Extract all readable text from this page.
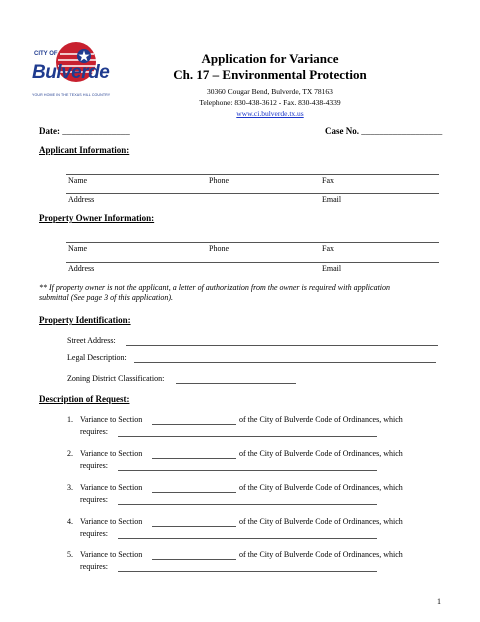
CITY OF
Bulverde
YOUR HOME IN THE TEXAS HILL COUNTRY
Application for Variance
Ch. 17 – Environmental Protection
30360 Cougar Bend, Bulverde, TX 78163
Telephone: 830-438-3612 - Fax. 830-438-4339
www.ci.bulverde.tx.us
Date: _______________	Case No. __________________
Applicant Information:
Name	Phone	Fax
Address	Email
Property Owner Information:
Name	Phone	Fax
Address	Email
** If property owner is not the applicant, a letter of authorization from the owner is required with application
submittal (See page 3 of this application).
Property Identification:
Street Address:
Legal Description:
Zoning District Classification:
Description of Request:
1. Variance to Section	of the City of Bulverde Code of Ordinances, which
requires:
2. Variance to Section	of the City of Bulverde Code of Ordinances, which
requires:
3. Variance to Section	of the City of Bulverde Code of Ordinances, which
requires:
4. Variance to Section	of the City of Bulverde Code of Ordinances, which
requires:
5. Variance to Section	of the City of Bulverde Code of Ordinances, which
requires:
1
